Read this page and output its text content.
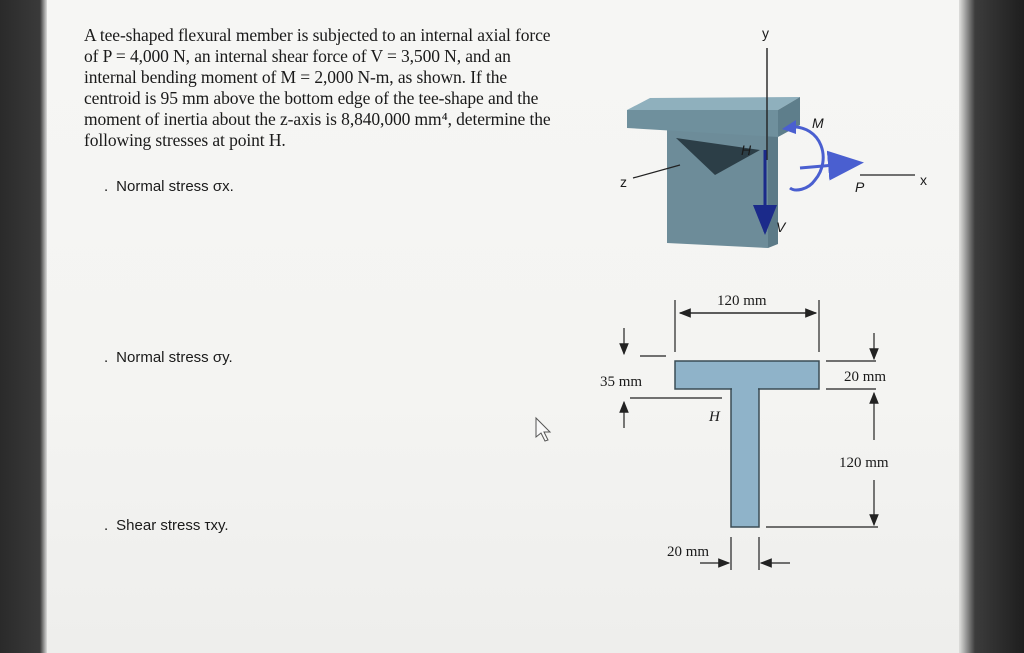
A tee-shaped flexural member is subjected to an internal axial force

of P = 4,000 N, an internal shear force of V = 3,500 N, and an

internal bending moment of M = 2,000 N-m, as shown. If the

centroid is 95 mm above the bottom edge of the tee-shape and the

moment of inertia about the z-axis is 8,840,000 mm⁴, determine the

following stresses at point H.

. Normal stress σx.
. Normal stress σy.
. Shear stress τxy.
y
z	x
V
P
M
H
H
120 mm
35 mm	20 mm
120 mm
20 mm
